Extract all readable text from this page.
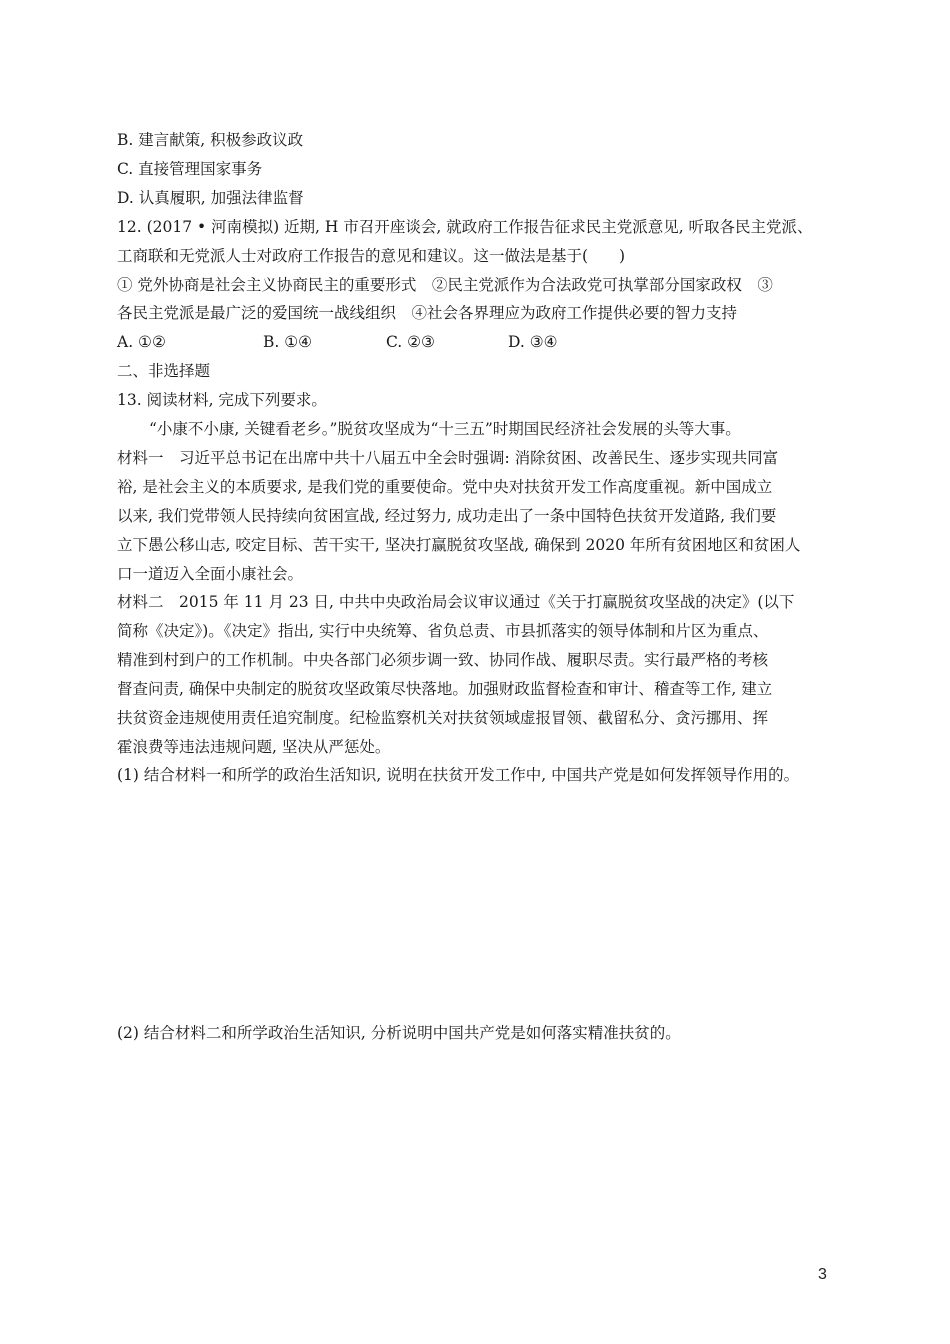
B. 建言献策, 积极参政议政
C. 直接管理国家事务
D. 认真履职, 加强法律监督
12. (2017 • 河南模拟) 近期, H 市召开座谈会, 就政府工作报告征求民主党派意见, 听取各民主党派、
工商联和无党派人士对政府工作报告的意见和建议。这一做法是基于(　　)
① 党外协商是社会主义协商民主的重要形式　②民主党派作为合法政党可执掌部分国家政权　③
各民主党派是最广泛的爱国统一战线组织　④社会各界理应为政府工作提供必要的智力支持
A. ①②	B. ①④	C. ②③	D. ③④
二、非选择题
13. 阅读材料, 完成下列要求。
“小康不小康, 关键看老乡。”脱贫攻坚成为“十三五”时期国民经济社会发展的头等大事。
材料一　习近平总书记在出席中共十八届五中全会时强调: 消除贫困、改善民生、逐步实现共同富
裕, 是社会主义的本质要求, 是我们党的重要使命。党中央对扶贫开发工作高度重视。新中国成立
以来, 我们党带领人民持续向贫困宣战, 经过努力, 成功走出了一条中国特色扶贫开发道路, 我们要
立下愚公移山志, 咬定目标、苦干实干, 坚决打赢脱贫攻坚战, 确保到 2020 年所有贫困地区和贫困人
口一道迈入全面小康社会。
材料二　2015 年 11 月 23 日, 中共中央政治局会议审议通过《关于打赢脱贫攻坚战的决定》(以下
简称《决定》)。《决定》指出, 实行中央统筹、省负总责、市县抓落实的领导体制和片区为重点、
精准到村到户的工作机制。中央各部门必须步调一致、协同作战、履职尽责。实行最严格的考核
督查问责, 确保中央制定的脱贫攻坚政策尽快落地。加强财政监督检查和审计、稽查等工作, 建立
扶贫资金违规使用责任追究制度。纪检监察机关对扶贫领域虚报冒领、截留私分、贪污挪用、挥
霍浪费等违法违规问题, 坚决从严惩处。
(1) 结合材料一和所学的政治生活知识, 说明在扶贫开发工作中, 中国共产党是如何发挥领导作用的。
(2) 结合材料二和所学政治生活知识, 分析说明中国共产党是如何落实精准扶贫的。
3
